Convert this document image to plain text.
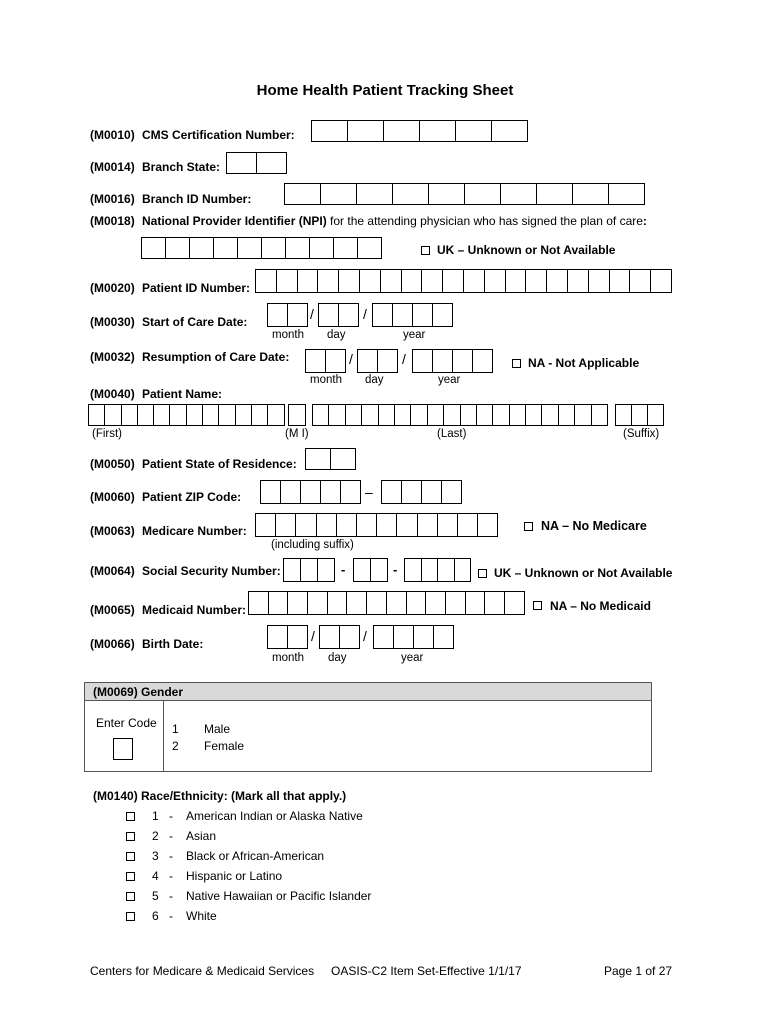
Home Health Patient Tracking Sheet
(M0010) CMS Certification Number:
(M0014) Branch State:
(M0016) Branch ID Number:
(M0018) National Provider Identifier (NPI) for the attending physician who has signed the plan of care:
UK – Unknown or Not Available
(M0020) Patient ID Number:
(M0030) Start of Care Date:	/	/
month day	year
(M0032) Resumption of Care Date:	/	/	NA - Not Applicable
month day	year
(M0040) Patient Name:
(First)	(M I)	(Last)	(Suffix)
(M0050) Patient State of Residence:
(M0060) Patient ZIP Code:	–
(M0063) Medicare Number:
(including suffix)
NA – No Medicare
(M0064) Social Security Number:	-	-	UK – Unknown or Not Available
(M0065) Medicaid Number:	NA – No Medicaid
(M0066) Birth Date:	/	/
month day	year
(M0069) Gender
Enter Code 1 Male
2 Female
(M0140) Race/Ethnicity: (Mark all that apply.)
1 - American Indian or Alaska Native
2 - Asian
3 - Black or African-American
4 - Hispanic or Latino
5 - Native Hawaiian or Pacific Islander
6 - White
Centers for Medicare & Medicaid Services OASIS-C2 Item Set-Effective 1/1/17	Page 1 of 27
